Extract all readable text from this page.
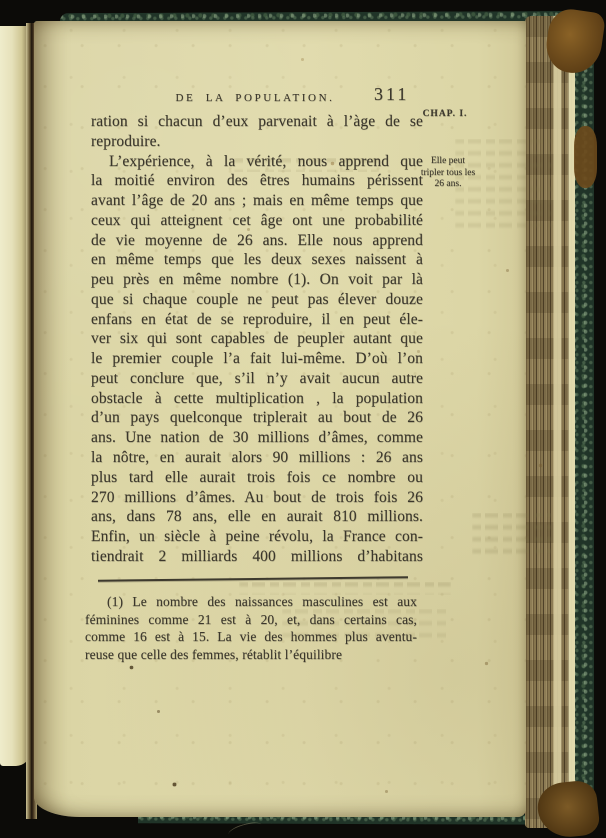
DE LA POPULATION.	311
CHAP. I.
Elle peut
tripler tous les
26 ans.
ration si chacun d’eux parvenait à l’àge de se
reproduire.
L’expérience, à la vérité, nous apprend que
la moitié environ des êtres humains périssent
avant l’âge de 20 ans ; mais en même temps que
ceux qui atteignent cet âge ont une probabilité
de vie moyenne de 26 ans. Elle nous apprend
en même temps que les deux sexes naissent à
peu près en même nombre (1). On voit par là
que si chaque couple ne peut pas élever douze
enfans en état de se reproduire, il en peut éle-
ver six qui sont capables de peupler autant que
le premier couple l’a fait lui-même. D’où l’on
peut conclure que, s’il n’y avait aucun autre
obstacle à cette multiplication , la population
d’un pays quelconque triplerait au bout de 26
ans. Une nation de 30 millions d’âmes, comme
la nôtre, en aurait alors 90 millions : 26 ans
plus tard elle aurait trois fois ce nombre ou
270 millions d’âmes. Au bout de trois fois 26
ans, dans 78 ans, elle en aurait 810 millions.
Enfin, un siècle à peine révolu, la France con-
tiendrait 2 milliards 400 millions d’habitans
(1) Le nombre des naissances masculines est aux
féminines comme 21 est à 20, et, dans certains cas,
comme 16 est à 15. La vie des hommes plus aventu-
reuse que celle des femmes, rétablit l’équilibre
